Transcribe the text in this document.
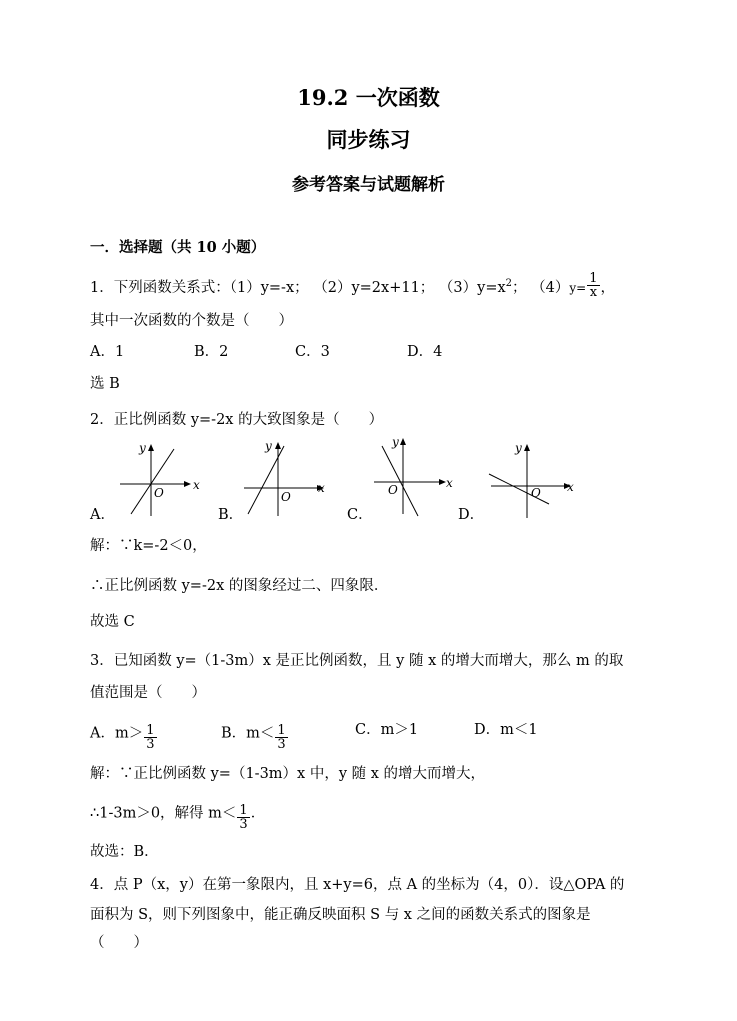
19.2 一次函数
同步练习
参考答案与试题解析
一．选择题（共 10 小题）
1．下列函数关系式：（1）y=-x； （2）y=2x+11； $(3)y=x^2$； $(4)y= \frac{1}{x}$ ，
其中一次函数的个数是（　　）
A．1	B．2	C．3	D．4
选 B
2．正比例函数 y=-2x 的大致图象是（　　）
x
y
O
A．
x
y
O
B．
x
y
O
C．
x
y
O
D．
解：∵k=-2＜0，
∴正比例函数 y=-2x 的图象经过二、四象限．
故选 C
3．已知函数 y=（1-3m）x 是正比例函数，且 y 随 x 的增大而增大，那么 m 的取
值范围是（　　）
A．$m> \frac{1}{3}$	B．$m< \frac{1}{3}$	C．m＞1	D．m＜1
解：∵正比例函数 y=（1-3m）x 中，y 随 x 的增大而增大，
∴1-3m＞0，解得 $m< \frac{1}{3}$ ．
故选：B．
4．点 P（x，y）在第一象限内，且 x+y=6，点 A 的坐标为（4，0）．设△OPA 的
面积为 S，则下列图象中，能正确反映面积 S 与 x 之间的函数关系式的图象是
（　　）
